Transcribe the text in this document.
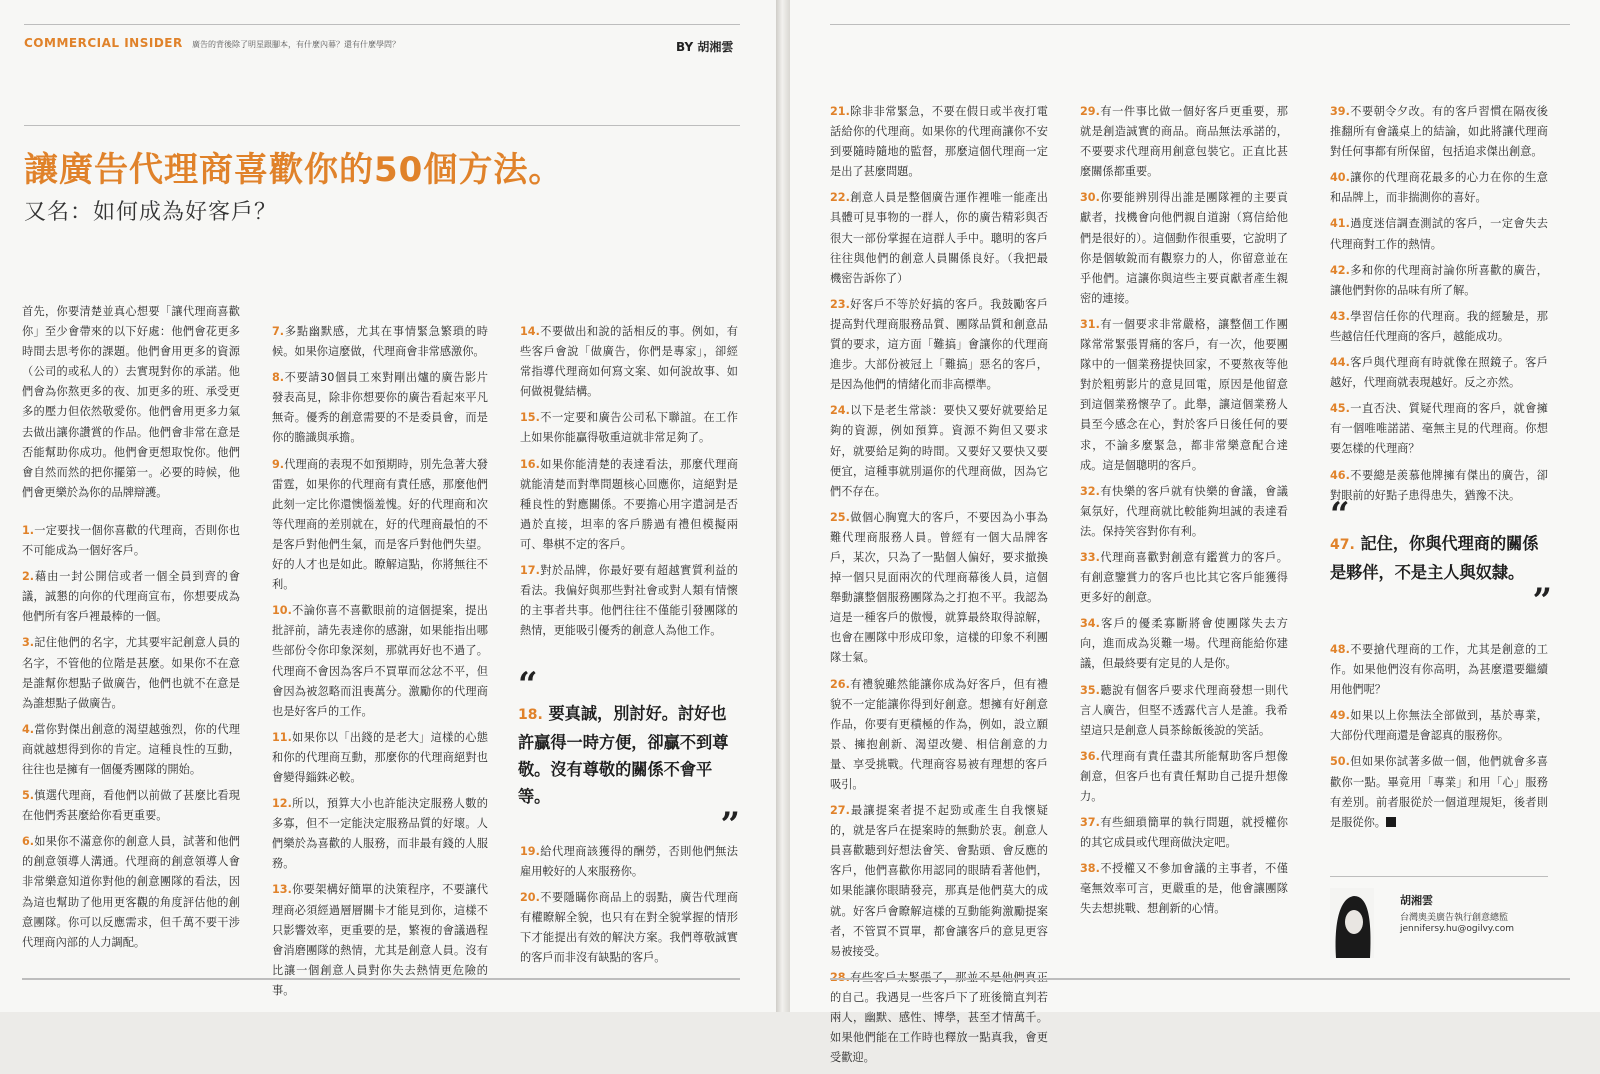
COMMERCIAL INSIDER 廣告的背後除了明星跟腳本，有什麼內幕？還有什麼學問？	BY 胡湘雲
讓廣告代理商喜歡你的50個方法。
又名：如何成為好客戶？

首先，你要清楚並真心想要「讓代理商喜歡你」至少會帶來的以下好處：他們會花更多時間去思考你的課題。他們會用更多的資源（公司的或私人的）去實現對你的承諾。他們會為你熬更多的夜、加更多的班、承受更多的壓力但依然敬愛你。他們會用更多力氣去做出讓你讚賞的作品。他們會非常在意是否能幫助你成功。他們會更想取悅你。他們會自然而然的把你擺第一。必要的時候，他們會更樂於為你的品牌辯護。

1.一定要找一個你喜歡的代理商，否則你也不可能成為一個好客戶。

2.藉由一封公開信或者一個全員到齊的會議，誠懇的向你的代理商宣布，你想要成為他們所有客戶裡最棒的一個。

3.記住他們的名字，尤其要牢記創意人員的名字，不管他的位階是甚麼。如果你不在意是誰幫你想點子做廣告，他們也就不在意是為誰想點子做廣告。

4.當你對傑出創意的渴望越強烈，你的代理商就越想得到你的肯定。這種良性的互動，往往也是擁有一個優秀團隊的開始。

5.慎選代理商，看他們以前做了甚麼比看現在他們秀甚麼給你看更重要。

6.如果你不滿意你的創意人員，試著和他們的創意領導人溝通。代理商的創意領導人會非常樂意知道你對他的創意團隊的看法，因為這也幫助了他用更客觀的角度評估他的創意團隊。你可以反應需求，但千萬不要干涉代理商內部的人力調配。

7.多點幽默感，尤其在事情緊急繁瑣的時候。如果你這麼做，代理商會非常感激你。

8.不要請30個員工來對剛出爐的廣告影片發表高見，除非你想要你的廣告看起來平凡無奇。優秀的創意需要的不是委員會，而是你的膽識與承擔。

9.代理商的表現不如預期時，別先急著大發雷霆，如果你的代理商有責任感，那麼他們此刻一定比你還懊惱羞愧。好的代理商和次等代理商的差別就在，好的代理商最怕的不是客戶對他們生氣，而是客戶對他們失望。好的人才也是如此。瞭解這點，你將無往不利。

10.不論你喜不喜歡眼前的這個提案，提出批評前，請先表達你的感謝，如果能指出哪些部份令你印象深刻，那就再好也不過了。代理商不會因為客戶不買單而忿忿不平，但會因為被忽略而沮喪萬分。激勵你的代理商也是好客戶的工作。

11.如果你以「出錢的是老大」這樣的心態和你的代理商互動，那麼你的代理商絕對也會變得錙銖必較。

12.所以，預算大小也許能決定服務人數的多寡，但不一定能決定服務品質的好壞。人們樂於為喜歡的人服務，而非最有錢的人服務。

13.你要架構好簡單的決策程序，不要讓代理商必須經過層層關卡才能見到你，這樣不只影響效率，更重要的是，繁複的會議過程會消磨團隊的熱情，尤其是創意人員。沒有比讓一個創意人員對你失去熱情更危險的事。

14.不要做出和說的話相反的事。例如，有些客戶會說「做廣告，你們是專家」，卻經常指導代理商如何寫文案、如何說故事、如何做視覺結構。

15.不一定要和廣告公司私下聯誼。在工作上如果你能贏得敬重這就非常足夠了。

16.如果你能清楚的表達看法，那麼代理商就能清楚而對準問題核心回應你，這絕對是種良性的對應關係。不要擔心用字遣詞是否過於直接，坦率的客戶勝過有禮但模擬兩可、舉棋不定的客戶。

17.對於品牌，你最好要有超越實質利益的看法。我偏好與那些對社會或對人類有情懷的主事者共事。他們往往不僅能引發團隊的熱情，更能吸引優秀的創意人為他工作。

“
18. 要真誠，別討好。討好也許贏得一時方便，卻贏不到尊敬。沒有尊敬的關係不會平等。
”

19.給代理商該獲得的酬勞，否則他們無法雇用較好的人來服務你。

20.不要隱瞞你商品上的弱點，廣告代理商有權瞭解全貌，也只有在對全貌掌握的情形下才能提出有效的解決方案。我們尊敬誠實的客戶而非沒有缺點的客戶。

21.除非非常緊急，不要在假日或半夜打電話給你的代理商。如果你的代理商讓你不安到要隨時隨地的監督，那麼這個代理商一定是出了甚麼問題。

22.創意人員是整個廣告運作裡唯一能產出具體可見事物的一群人，你的廣告精彩與否很大一部份掌握在這群人手中。聰明的客戶往往與他們的創意人員關係良好。（我把最機密告訴你了）

23.好客戶不等於好搞的客戶。我鼓勵客戶提高對代理商服務品質、團隊品質和創意品質的要求，這方面「難搞」會讓你的代理商進步。大部份被冠上「難搞」惡名的客戶，是因為他們的情緒化而非高標準。

24.以下是老生常談：要快又要好就要給足夠的資源，例如預算。資源不夠但又要求好，就要給足夠的時間。又要好又要快又要便宜，這種事就別逼你的代理商做，因為它們不存在。

25.做個心胸寬大的客戶，不要因為小事為難代理商服務人員。曾經有一個大品牌客戶，某次，只為了一點個人偏好，要求撤換掉一個只見面兩次的代理商幕後人員，這個舉動讓整個服務團隊為之打抱不平。我認為這是一種客戶的傲慢，就算最終取得諒解，也會在團隊中形成印象，這樣的印象不利團隊士氣。

26.有禮貌雖然能讓你成為好客戶，但有禮貌不一定能讓你得到好創意。想擁有好創意作品，你要有更積極的作為，例如，設立願景、擁抱創新、渴望改變、相信創意的力量、享受挑戰。代理商容易被有理想的客戶吸引。

27.最讓提案者提不起勁或產生自我懷疑的，就是客戶在提案時的無動於衷。創意人員喜歡聽到好想法會笑、會點頭、會反應的客戶，他們喜歡你用認同的眼睛看著他們，如果能讓你眼睛發亮，那真是他們莫大的成就。好客戶會瞭解這樣的互動能夠激勵提案者，不管買不買單，都會讓客戶的意見更容易被接受。

的自己。我遇見一些客戶下了班後簡直判若兩人，幽默、感性、博學，甚至才情萬千。如果他們能在工作時也釋放一點真我，會更受歡迎。

29.有一件事比做一個好客戶更重要，那就是創造誠實的商品。商品無法承諾的，不要要求代理商用創意包裝它。正直比甚麼關係都重要。

30.你要能辨別得出誰是團隊裡的主要貢獻者，找機會向他們親自道謝（寫信給他們是很好的）。這個動作很重要，它說明了你是個敏銳而有觀察力的人，你留意並在乎他們。這讓你與這些主要貢獻者產生親密的連接。

31.有一個要求非常嚴格，讓整個工作團隊常常緊張胃痛的客戶，有一次，他要團隊中的一個業務提快回家，不要熬夜等他對於粗剪影片的意見回電，原因是他留意到這個業務懷孕了。此舉，讓這個業務人員至今感念在心，對於客戶日後任何的要求，不論多麼緊急，都非常樂意配合達成。這是個聰明的客戶。

32.有快樂的客戶就有快樂的會議，會議氣氛好，代理商就比較能夠坦誠的表達看法。保持笑容對你有利。

33.代理商喜歡對創意有鑑賞力的客戶。有創意鑒賞力的客戶也比其它客戶能獲得更多好的創意。

34.客戶的優柔寡斷將會使團隊失去方向，進而成為災難一場。代理商能給你建議，但最終要有定見的人是你。

35.聽說有個客戶要求代理商發想一則代言人廣告，但堅不透露代言人是誰。我希望這只是創意人員茶餘飯後說的笑話。

36.代理商有責任盡其所能幫助客戶想像創意，但客戶也有責任幫助自己提升想像力。

37.有些細瑣簡單的執行問題，就授權你的其它成員或代理商做決定吧。

38.不授權又不參加會議的主事者，不僅毫無效率可言，更嚴重的是，他會讓團隊失去想挑戰、想創新的心情。

39.不要朝令夕改。有的客戶習慣在隔夜後推翻所有會議桌上的結論，如此將讓代理商對任何事都有所保留，包括追求傑出創意。

40.讓你的代理商花最多的心力在你的生意和品牌上，而非揣測你的喜好。

41.過度迷信調查測試的客戶，一定會失去代理商對工作的熱情。

42.多和你的代理商討論你所喜歡的廣告，讓他們對你的品味有所了解。

43.學習信任你的代理商。我的經驗是，那些越信任代理商的客戶，越能成功。

44.客戶與代理商有時就像在照鏡子。客戶越好，代理商就表現越好。反之亦然。

45.一直否決、質疑代理商的客戶，就會擁有一個唯唯諾諾、毫無主見的代理商。你想要怎樣的代理商？

46.不要總是羨慕他牌擁有傑出的廣告，卻對眼前的好點子患得患失，猶豫不決。

“
47. 記住，你與代理商的關係是夥伴，不是主人與奴隸。
”

48.不要搶代理商的工作，尤其是創意的工作。如果他們沒有你高明，為甚麼還要繼續用他們呢？

49.如果以上你無法全部做到，基於專業，大部份代理商還是會認真的服務你。

50.但如果你試著多做一個，他們就會多喜歡你一點。畢竟用「專業」和用「心」服務有差別。前者服從於一個道理規矩，後者則是服從你。

胡湘雲
台灣奧美廣告執行創意總監
jennifersy.hu@ogilvy.com
